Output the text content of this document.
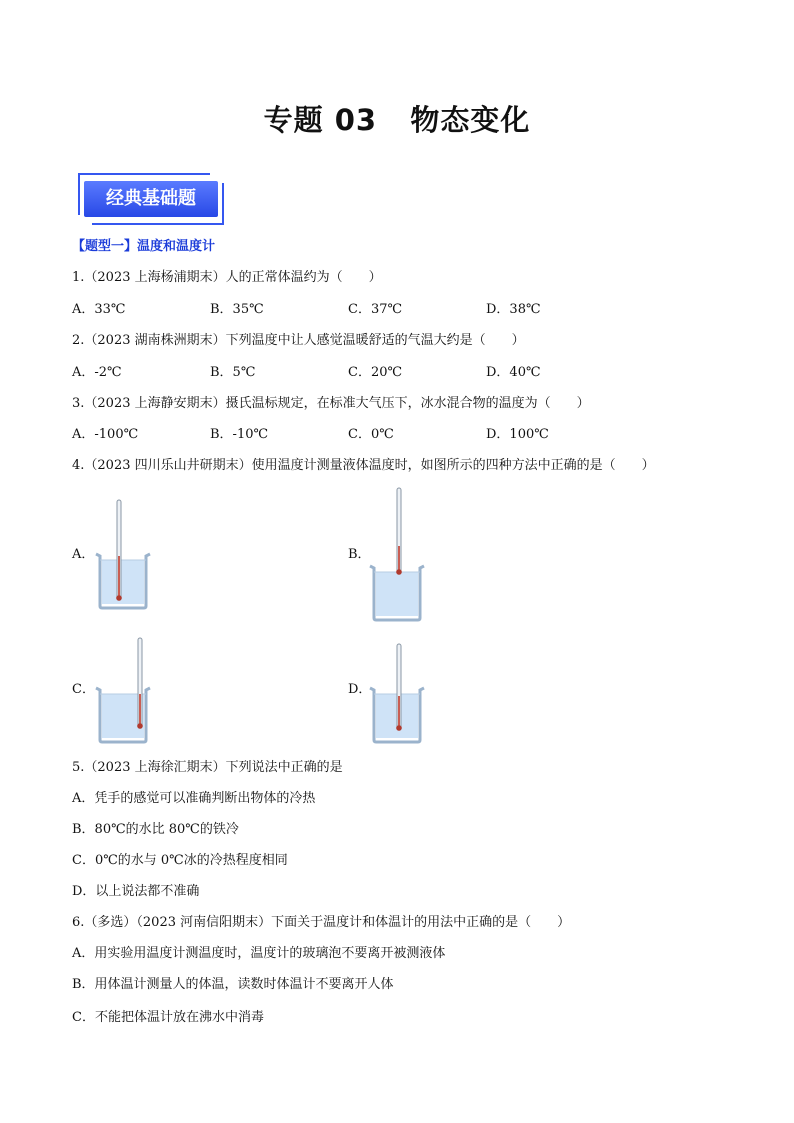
专题 03   物态变化
经典基础题
【题型一】温度和温度计
1.（2023 上海杨浦期末）人的正常体温约为（　　）
A．33℃	B．35℃	C．37℃	D．38℃
2.（2023 湖南株洲期末）下列温度中让人感觉温暖舒适的气温大约是（　　）
A．-2℃	B．5℃	C．20℃	D．40℃
3.（2023 上海静安期末）摄氏温标规定，在标准大气压下，冰水混合物的温度为（　　）
A．-100℃	B．-10℃	C．0℃	D．100℃
4.（2023 四川乐山井研期末）使用温度计测量液体温度时，如图所示的四种方法中正确的是（　　）
A．	B．
C．	D．
5.（2023 上海徐汇期末）下列说法中正确的是
A．凭手的感觉可以准确判断出物体的冷热
B．80℃的水比 80℃的铁冷
C．0℃的水与 0℃冰的冷热程度相同
D．以上说法都不准确
6.（多选）（2023 河南信阳期末）下面关于温度计和体温计的用法中正确的是（　　）
A．用实验用温度计测温度时，温度计的玻璃泡不要离开被测液体
B．用体温计测量人的体温，读数时体温计不要离开人体
C．不能把体温计放在沸水中消毒
